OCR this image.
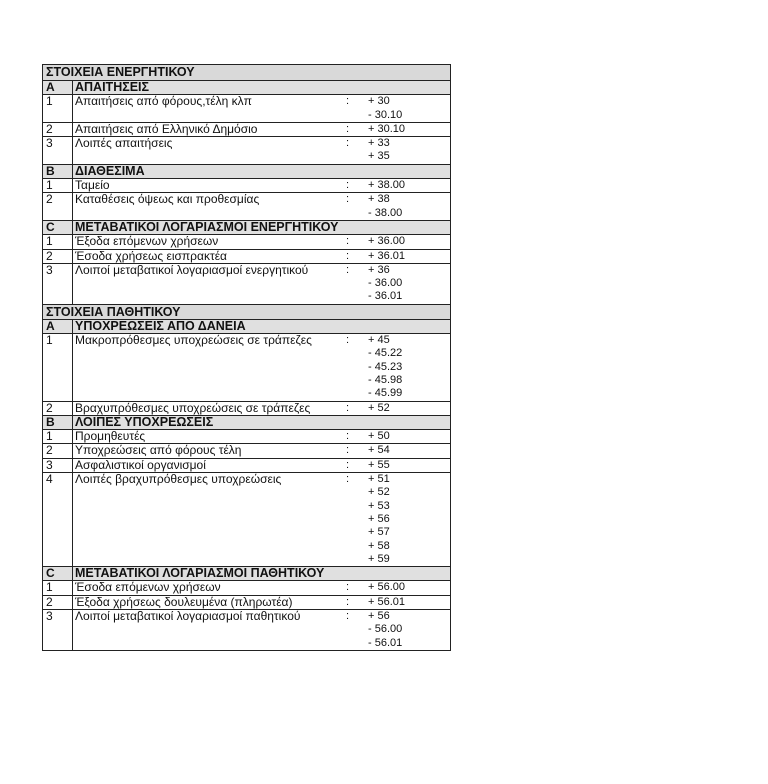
ΣΤΟΙΧΕΙΑ ΕΝΕΡΓΗΤΙΚΟΥ
A	ΑΠΑΙΤΗΣΕΙΣ
1	Απαιτήσεις από φόρους,τέλη κλπ	:	+ 30
- 30.10
2	Απαιτήσεις από Ελληνικό Δημόσιο	:	+ 30.10
3	Λοιπές απαιτήσεις	:	+ 33
+ 35
B	ΔΙΑΘΕΣΙΜΑ
1	Ταμείο	:	+ 38.00
2	Καταθέσεις όψεως και προθεσμίας	:	+ 38
- 38.00
C	ΜΕΤΑΒΑΤΙΚΟΙ ΛΟΓΑΡΙΑΣΜΟΙ ΕΝΕΡΓΗΤΙΚΟΥ
1	Έξοδα επόμενων χρήσεων	:	+ 36.00
2	Έσοδα χρήσεως εισπρακτέα	:	+ 36.01
3	Λοιποί μεταβατικοί λογαριασμοί ενεργητικού	:	+ 36
- 36.00
- 36.01
ΣΤΟΙΧΕΙΑ ΠΑΘΗΤΙΚΟΥ
A	ΥΠΟΧΡΕΩΣΕΙΣ ΑΠΟ ΔΑΝΕΙΑ
1	Μακροπρόθεσμες υποχρεώσεις σε τράπεζες	:	+ 45
- 45.22
- 45.23
- 45.98
- 45.99
2	Βραχυπρόθεσμες υποχρεώσεις σε τράπεζες	:	+ 52
B	ΛΟΙΠΕΣ ΥΠΟΧΡΕΩΣΕΙΣ
1	Προμηθευτές	:	+ 50
2	Υποχρεώσεις από φόρους τέλη	:	+ 54
3	Ασφαλιστικοί οργανισμοί	:	+ 55
4	Λοιπές βραχυπρόθεσμες υποχρεώσεις	:	+ 51
+ 52
+ 53
+ 56
+ 57
+ 58
+ 59
C	ΜΕΤΑΒΑΤΙΚΟΙ ΛΟΓΑΡΙΑΣΜΟΙ ΠΑΘΗΤΙΚΟΥ
1	Έσοδα επόμενων χρήσεων	:	+ 56.00
2	Έξοδα χρήσεως δουλευμένα (πληρωτέα)	:	+ 56.01
3	Λοιποί μεταβατικοί λογαριασμοί παθητικού	:	+ 56
- 56.00
- 56.01
